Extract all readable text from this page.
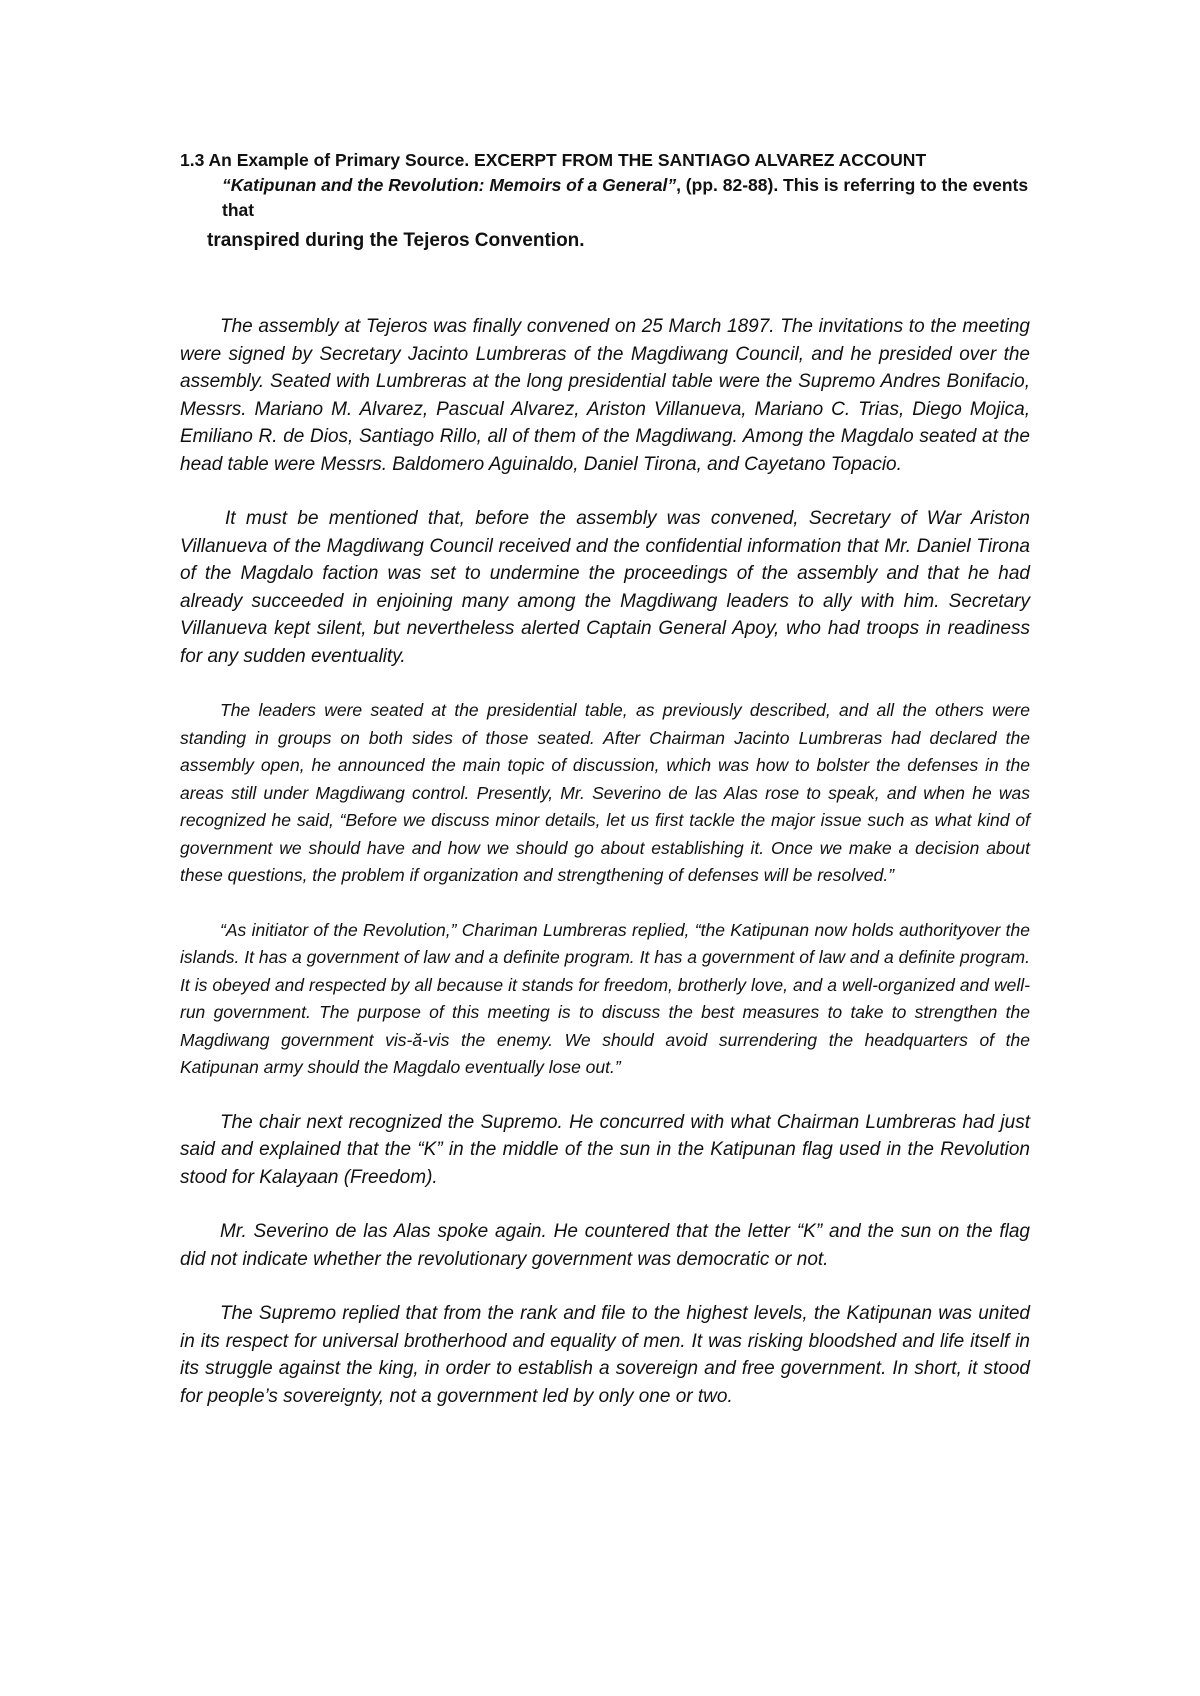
1.3 An Example of Primary Source. EXCERPT FROM THE SANTIAGO ALVAREZ ACCOUNT
“Katipunan and the Revolution: Memoirs of a General”, (pp. 82-88). This is referring to the events that
transpired during the Tejeros Convention.

The assembly at Tejeros was finally convened on 25 March 1897. The invitations to the meeting were signed by Secretary Jacinto Lumbreras of the Magdiwang Council, and he presided over the assembly. Seated with Lumbreras at the long presidential table were the Supremo Andres Bonifacio, Messrs. Mariano M. Alvarez, Pascual Alvarez, Ariston Villanueva, Mariano C. Trias, Diego Mojica, Emiliano R. de Dios, Santiago Rillo, all of them of the Magdiwang. Among the Magdalo seated at the head table were Messrs. Baldomero Aguinaldo, Daniel Tirona, and Cayetano Topacio.

It must be mentioned that, before the assembly was convened, Secretary of War Ariston Villanueva of the Magdiwang Council received and the confidential information that Mr. Daniel Tirona of the Magdalo faction was set to undermine the proceedings of the assembly and that he had already succeeded in enjoining many among the Magdiwang leaders to ally with him. Secretary Villanueva kept silent, but nevertheless alerted Captain General Apoy, who had troops in readiness for any sudden eventuality.

The leaders were seated at the presidential table, as previously described, and all the others were standing in groups on both sides of those seated. After Chairman Jacinto Lumbreras had declared the assembly open, he announced the main topic of discussion, which was how to bolster the defenses in the areas still under Magdiwang control. Presently, Mr. Severino de las Alas rose to speak, and when he was recognized he said, “Before we discuss minor details, let us first tackle the major issue such as what kind of government we should have and how we should go about establishing it. Once we make a decision about these questions, the problem if organization and strengthening of defenses will be resolved.”

“As initiator of the Revolution,” Chariman Lumbreras replied, “the Katipunan now holds authorityover the islands. It has a government of law and a definite program. It has a government of law and a definite program. It is obeyed and respected by all because it stands for freedom, brotherly love, and a well-organized and well-run government. The purpose of this meeting is to discuss the best measures to take to strengthen the Magdiwang government vis-ă-vis the enemy. We should avoid surrendering the headquarters of the Katipunan army should the Magdalo eventually lose out.”

The chair next recognized the Supremo. He concurred with what Chairman Lumbreras had just said and explained that the “K” in the middle of the sun in the Katipunan flag used in the Revolution stood for Kalayaan (Freedom).

Mr. Severino de las Alas spoke again. He countered that the letter “K” and the sun on the flag did not indicate whether the revolutionary government was democratic or not.

The Supremo replied that from the rank and file to the highest levels, the Katipunan was united in its respect for universal brotherhood and equality of men. It was risking bloodshed and life itself in its struggle against the king, in order to establish a sovereign and free government. In short, it stood for people’s sovereignty, not a government led by only one or two.
